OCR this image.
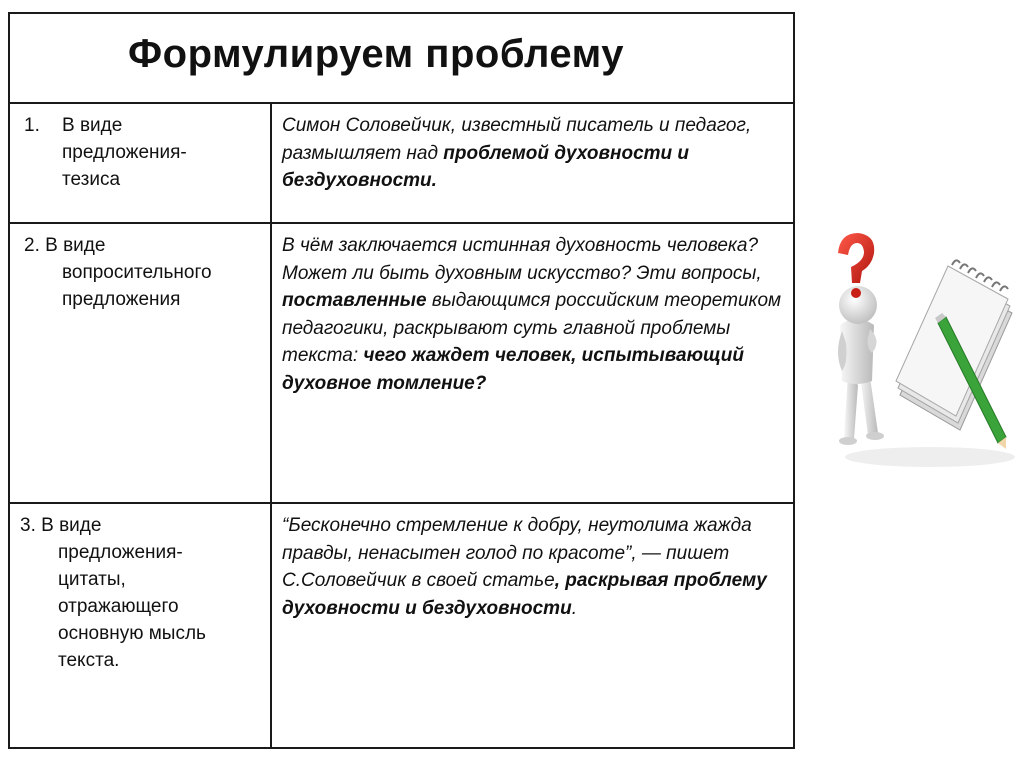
Формулируем проблему
1. В виде
предложения-
тезиса
Симон Соловейчик, известный писатель и педагог, размышляет над проблемой духовности и бездуховности.
2. В виде
вопросительного
предложения
В чём заключается истинная духовность человека? Может ли быть духовным искусство? Эти вопросы, поставленные выдающимся российским теоретиком педагогики, раскрывают суть главной проблемы текста: чего жаждет человек, испытывающий духовное томление?
3. В виде
предложения-
цитаты,
отражающего
основную мысль
текста.
“Бесконечно стремление к добру, неутолима жажда правды, ненасытен голод по красоте”, — пишет С.Соловейчик в своей статье, раскрывая проблему духовности и бездуховности.
